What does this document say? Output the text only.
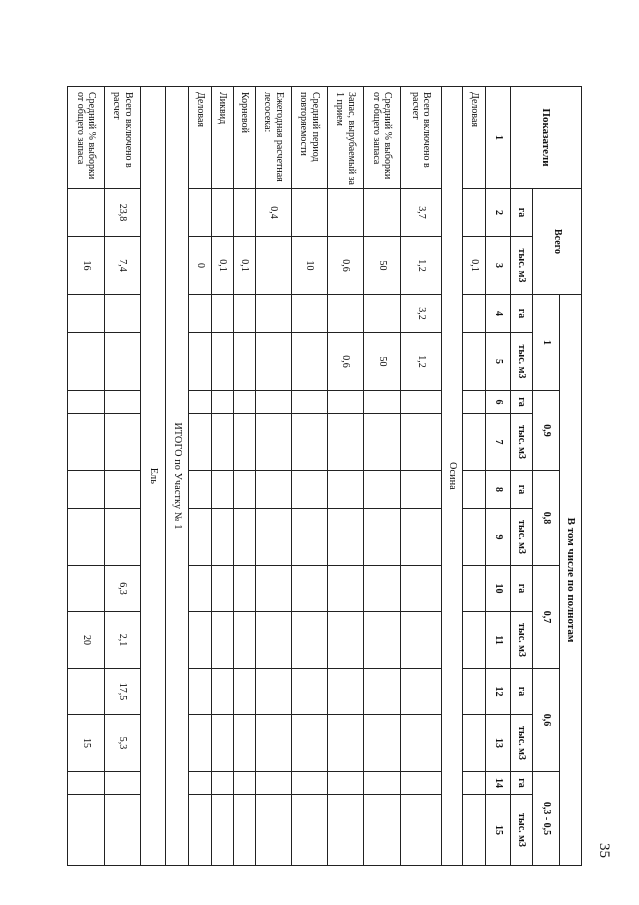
35
Показатели	Всего		В том числе по полнотам											
			1		0,9		0,8		0,7		0,6		0,3 - 0,5	
	га	тыс. м3	га	тыс. м3	га	тыс. м3	га	тыс. м3	га	тыс. м3	га	тыс. м3	га	тыс. м3
1	2	3	4	5	6	7	8	9	10	11	12	13	14	15
Деловая		0,1												
Осина														
Всего включено в расчет	3,7	1,2	3,2	1,2										
Средний % выборки от общего запаса		50		50										
Запас, вырубаемый за 1 прием		0,6		0,6										
Средний период повторяемости		10												
Ежегодная расчетная лесосека:	0,4													
Корневой		0,1												
Ликвид		0,1												
Деловая		0												
ИТОГО по Участку № 1														
Ель														
Всего включено в расчет	23,8	7,4							6,3	2,1	17,5	5,3		
Средний % выборки от общего запаса		16								20		15		
